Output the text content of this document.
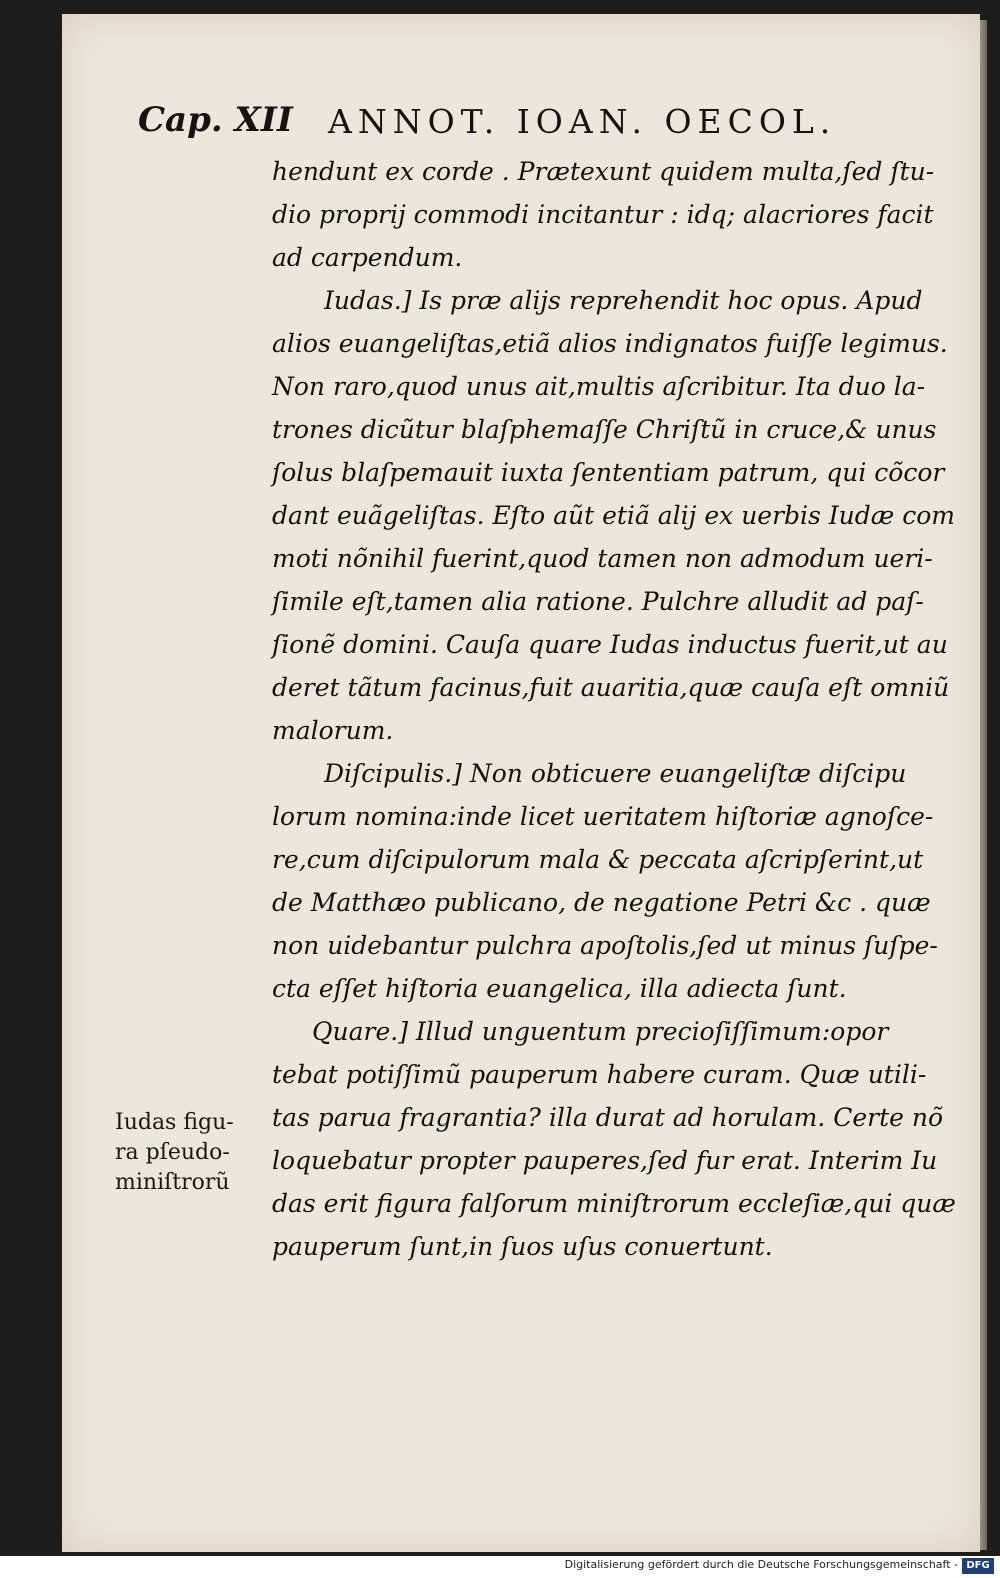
Cap. XII ANNOT. IOAN. OECOL.
hendunt ex corde . Prætexunt quidem multa,ſed ſtu-
dio proprij commodi incitantur : idq; alacriores facit
ad carpendum.
Iudas.] Is præ alijs reprehendit hoc opus. Apud
alios euangeliſtas,etiã alios indignatos fuiſſe legimus.
Non raro,quod unus ait,multis aſcribitur. Ita duo la-
trones dicũtur blaſphemaſſe Chriſtũ in cruce,& unus
ſolus blaſpemauit iuxta ſententiam patrum, qui cõcor
dant euãgeliſtas. Eſto aũt etiã alij ex uerbis Iudæ com
moti nõnihil fuerint,quod tamen non admodum ueri-
ſimile eſt,tamen alia ratione. Pulchre alludit ad paſ-
ſionẽ domini. Cauſa quare Iudas inductus fuerit,ut au
deret tãtum facinus,fuit auaritia,quæ cauſa eſt omniũ
malorum.
Diſcipulis.] Non obticuere euangeliſtæ diſcipu
lorum nomina:inde licet ueritatem hiſtoriæ agnoſce-
re,cum diſcipulorum mala & peccata aſcripſerint,ut
de Matthæo publicano, de negatione Petri &c . quæ
non uidebantur pulchra apoſtolis,ſed ut minus ſuſpe-
cta eſſet hiſtoria euangelica, illa adiecta ſunt.
Quare.] Illud unguentum precioſiſſimum:opor
tebat potiſſimũ pauperum habere curam. Quæ utili-
tas parua fragrantia? illa durat ad horulam. Certe nõ
loquebatur propter pauperes,ſed fur erat. Interim Iu
das erit figura falſorum miniſtrorum eccleſiæ,qui quæ
pauperum ſunt,in ſuos uſus conuertunt.
Iudas figu-
ra pſeudo-
miniſtrorũ
Digitalisierung gefördert durch die Deutsche Forschungsgemeinschaft - DFG
